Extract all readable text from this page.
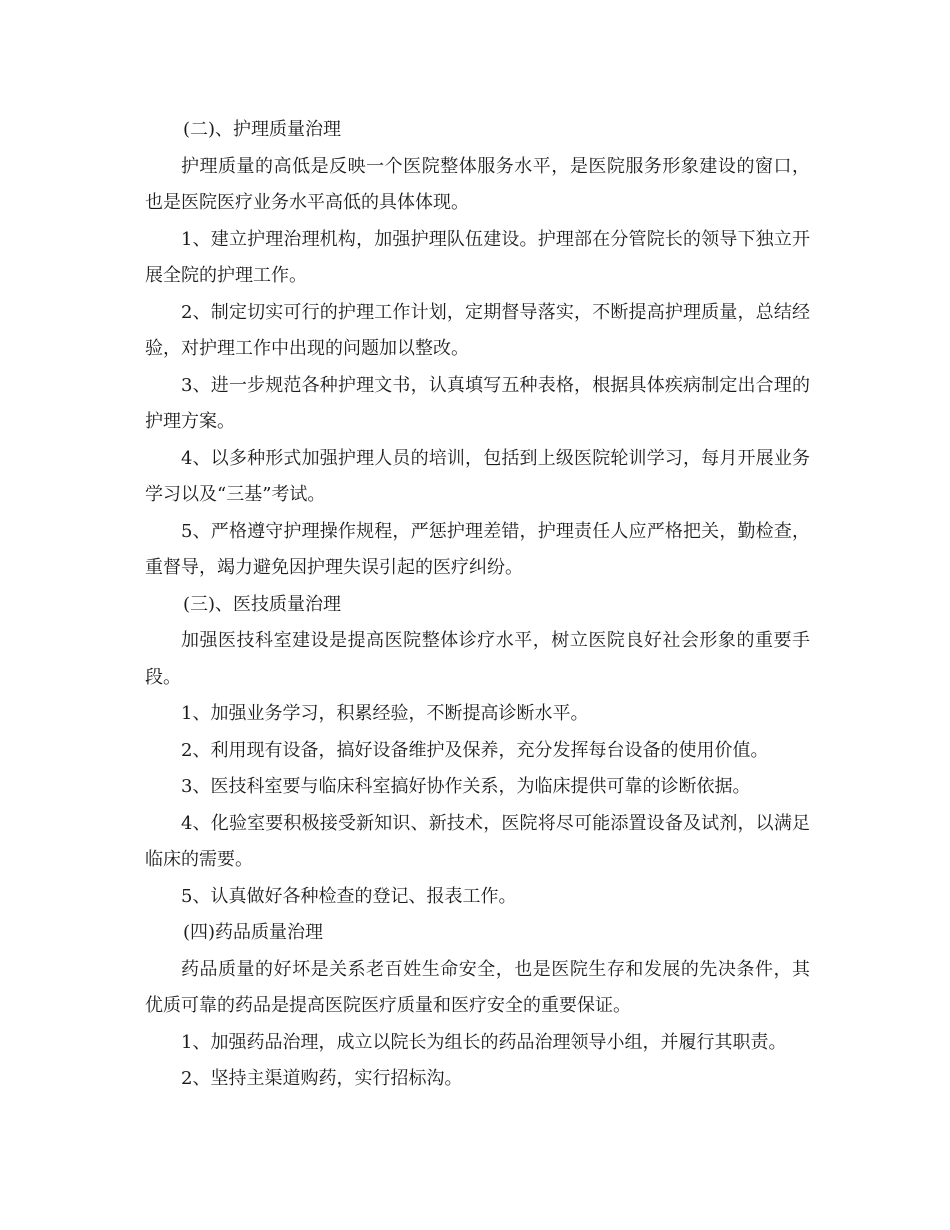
(二)、护理质量治理

护理质量的高低是反映一个医院整体服务水平，是医院服务形象建设的窗口，也是医院医疗业务水平高低的具体体现。

1、建立护理治理机构，加强护理队伍建设。护理部在分管院长的领导下独立开展全院的护理工作。

2、制定切实可行的护理工作计划，定期督导落实，不断提高护理质量，总结经验，对护理工作中出现的问题加以整改。

3、进一步规范各种护理文书，认真填写五种表格，根据具体疾病制定出合理的护理方案。

4、以多种形式加强护理人员的培训，包括到上级医院轮训学习，每月开展业务学习以及“三基”考试。

5、严格遵守护理操作规程，严惩护理差错，护理责任人应严格把关，勤检查，重督导，竭力避免因护理失误引起的医疗纠纷。

(三)、医技质量治理

加强医技科室建设是提高医院整体诊疗水平，树立医院良好社会形象的重要手段。

1、加强业务学习，积累经验，不断提高诊断水平。

2、利用现有设备，搞好设备维护及保养，充分发挥每台设备的使用价值。

3、医技科室要与临床科室搞好协作关系，为临床提供可靠的诊断依据。

4、化验室要积极接受新知识、新技术，医院将尽可能添置设备及试剂，以满足临床的需要。

5、认真做好各种检查的登记、报表工作。

(四)药品质量治理

药品质量的好坏是关系老百姓生命安全，也是医院生存和发展的先决条件，其优质可靠的药品是提高医院医疗质量和医疗安全的重要保证。

1、加强药品治理，成立以院长为组长的药品治理领导小组，并履行其职责。

2、坚持主渠道购药，实行招标沟。
